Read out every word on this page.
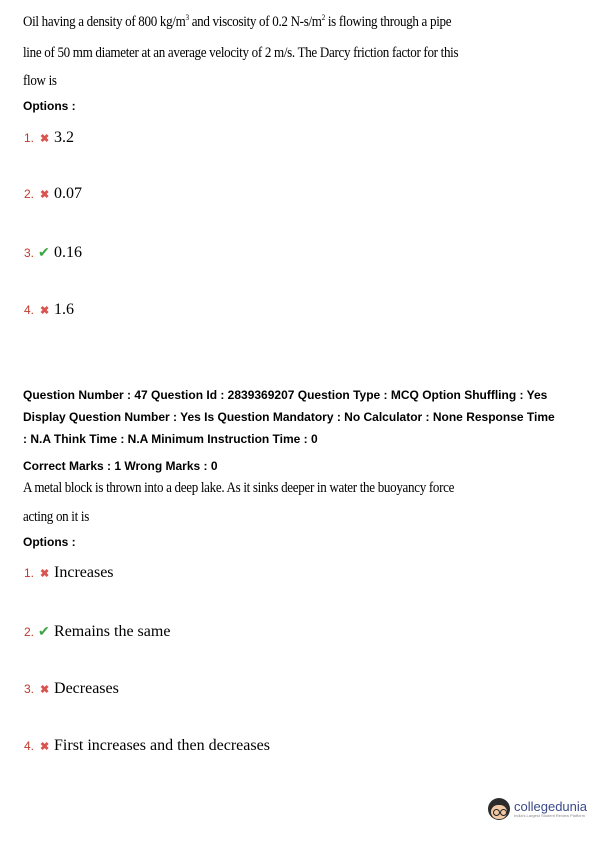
Oil having a density of 800 $kg/m^3$ and viscosity of 0.2 $N-s/m^2$ is flowing through a pipe
line of 50 mm diameter at an average velocity of 2 m/s. The Darcy friction factor for this
flow is
Options :
1. ✖ 3.2
2. ✖ 0.07
3. ✔ 0.16
4. ✖ 1.6
Question Number : 47 Question Id : 2839369207 Question Type : MCQ Option Shuffling : Yes
Display Question Number : Yes Is Question Mandatory : No Calculator : None Response Time
: N.A Think Time : N.A Minimum Instruction Time : 0
Correct Marks : 1 Wrong Marks : 0
A metal block is thrown into a deep lake. As it sinks deeper in water the buoyancy force
acting on it is
Options :
1. ✖ Increases
2. ✔ Remains the same
3. ✖ Decreases
4. ✖ First increases and then decreases
collegedunia
India's Largest Student Review Platform
